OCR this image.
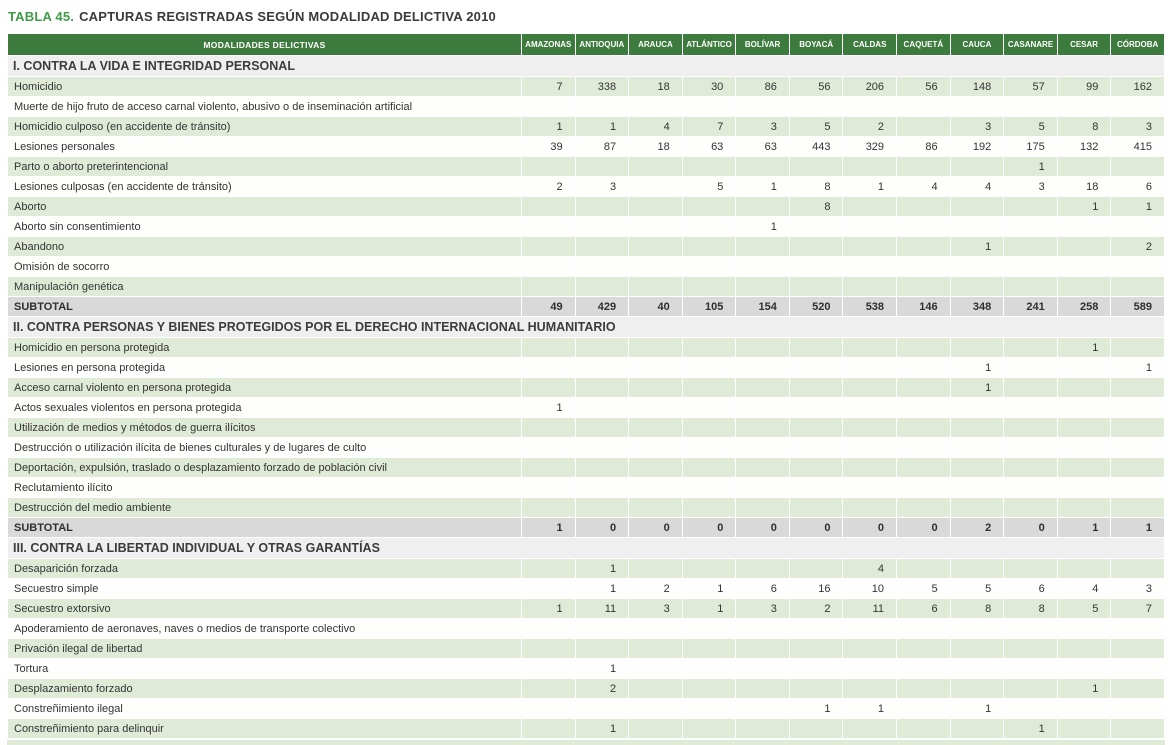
TABLA 45. CAPTURAS REGISTRADAS SEGÚN MODALIDAD DELICTIVA 2010
MODALIDADES DELICTIVAS	AMAZONAS	ANTIOQUIA	ARAUCA	ATLÁNTICO	BOLÍVAR	BOYACÁ	CALDAS	CAQUETÁ	CAUCA	CASANARE	CESAR	CÓRDOBA
I. CONTRA LA VIDA E INTEGRIDAD PERSONAL												
Homicidio	7	338	18	30	86	56	206	56	148	57	99	162
Muerte de hijo fruto de acceso carnal violento, abusivo o de inseminación artificial												
Homicidio culposo (en accidente de tránsito)	1	1	4	7	3	5	2		3	5	8	3
Lesiones personales	39	87	18	63	63	443	329	86	192	175	132	415
Parto o aborto preterintencional										1		
Lesiones culposas (en accidente de tránsito)	2	3		5	1	8	1	4	4	3	18	6
Aborto						8					1	1
Aborto sin consentimiento					1							
Abandono									1			2
Omisión de socorro												
Manipulación genética												
SUBTOTAL	49	429	40	105	154	520	538	146	348	241	258	589
II. CONTRA PERSONAS Y BIENES PROTEGIDOS POR EL DERECHO INTERNACIONAL HUMANITARIO												
Homicidio en persona protegida											1	
Lesiones en persona protegida									1			1
Acceso carnal violento en persona protegida									1			
Actos sexuales violentos en persona protegida	1											
Utilización de medios y métodos de guerra ilícitos												
Destrucción o utilización ilícita de bienes culturales y de lugares de culto												
Deportación, expulsión, traslado o desplazamiento forzado de población civil												
Reclutamiento ilícito												
Destrucción del medio ambiente												
SUBTOTAL	1	0	0	0	0	0	0	0	2	0	1	1
III. CONTRA LA LIBERTAD INDIVIDUAL Y OTRAS GARANTÍAS												
Desaparición forzada		1					4					
Secuestro simple		1	2	1	6	16	10	5	5	6	4	3
Secuestro extorsivo	1	11	3	1	3	2	11	6	8	8	5	7
Apoderamiento de aeronaves, naves o medios de transporte colectivo												
Privación ilegal de libertad												
Tortura		1										
Desplazamiento forzado		2									1	
Constreñimiento ilegal						1	1		1			
Constreñimiento para delinquir		1								1		
